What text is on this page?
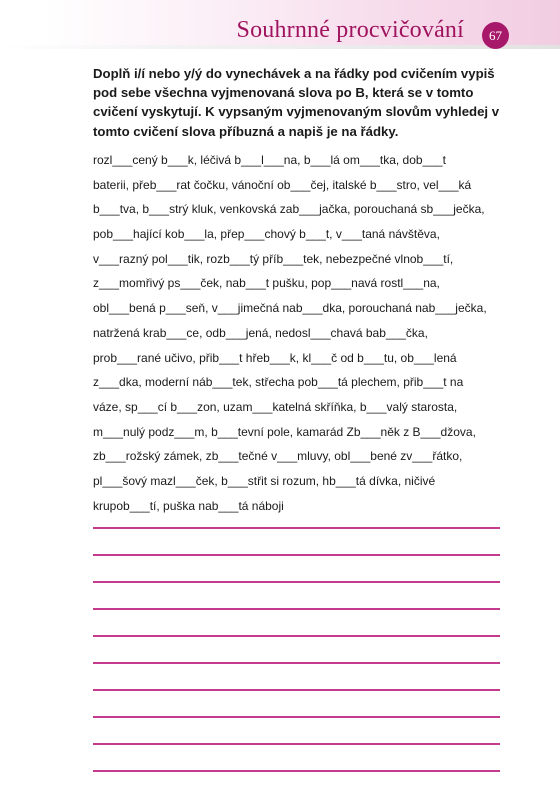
Souhrnné procvičování	67
Doplň i/í nebo y/ý do vynechávek a na řádky pod cvičením vypiš pod sebe všechna vyjmenovaná slova po B, která se v tomto cvičení vyskytují. K vypsaným vyjmenovaným slovům vyhledej v tomto cvičení slova příbuzná a napiš je na řádky.
rozl___cený b___k, léčivá b___l___na, b___lá om___tka, dob___t
baterii, přeb___rat čočku, vánoční ob___čej, italské b___stro, vel___ká
b___tva, b___strý kluk, venkovská zab___jačka, porouchaná sb___ječka,
pob___hající kob___la, přep___chový b___t, v___taná návštěva,
v___razný pol___tik, rozb___tý příb___tek, nebezpečné vlnob___tí,
z___momřivý ps___ček, nab___t pušku, pop___navá rostl___na,
obl___bená p___seň, v___jimečná nab___dka, porouchaná nab___ječka,
natržená krab___ce, odb___jená, nedosl___chavá bab___čka,
prob___rané učivo, přib___t hřeb___k, kl___č od b___tu, ob___lená
z___dka, moderní náb___tek, střecha pob___tá plechem, přib___t na
váze, sp___cí b___zon, uzam___katelná skříňka, b___valý starosta,
m___nulý podz___m, b___tevní pole, kamarád Zb___něk z B___džova,
zb___rožský zámek, zb___tečné v___mluvy, obl___bené zv___řátko,
pl___šový mazl___ček, b___střit si rozum, hb___tá dívka, ničivé
krupob___tí, puška nab___tá náboji
